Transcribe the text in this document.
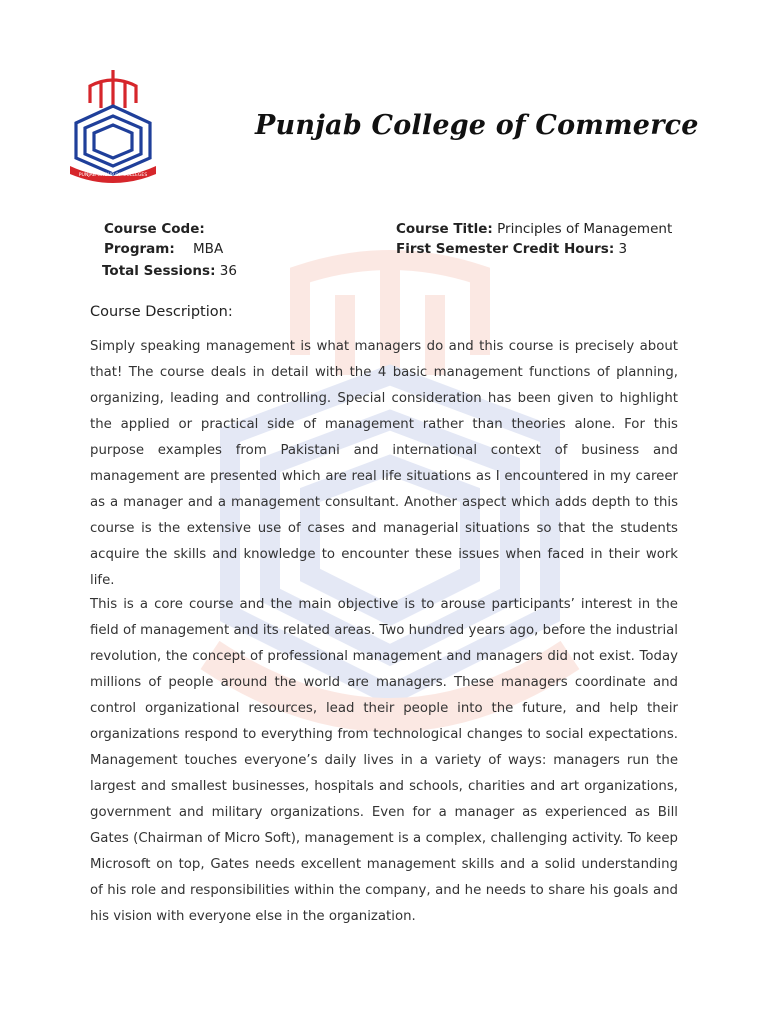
PUNJAB GROUP OF COLLEGES
Punjab College of Commerce
Course Code:	Course Title: Principles of Management
Program: MBA	First Semester Credit Hours: 3
Total Sessions: 36
Course Description:

Simply speaking management is what managers do and this course is precisely about that! The course deals in detail with the 4 basic management functions of planning, organizing, leading and controlling. Special consideration has been given to highlight the applied or practical side of management rather than theories alone. For this purpose examples from Pakistani and international context of business and management are presented which are real life situations as I encountered in my career as a manager and a management consultant. Another aspect which adds depth to this course is the extensive use of cases and managerial situations so that the students acquire the skills and knowledge to encounter these issues when faced in their work life.

This is a core course and the main objective is to arouse participants’ interest in the field of management and its related areas. Two hundred years ago, before the industrial revolution, the concept of professional management and managers did not exist. Today millions of people around the world are managers. These managers coordinate and control organizational resources, lead their people into the future, and help their organizations respond to everything from technological changes to social expectations. Management touches everyone’s daily lives in a variety of ways: managers run the largest and smallest businesses, hospitals and schools, charities and art organizations, government and military organizations. Even for a manager as experienced as Bill Gates (Chairman of Micro Soft), management is a complex, challenging activity. To keep Microsoft on top, Gates needs excellent management skills and a solid understanding of his role and responsibilities within the company, and he needs to share his goals and his vision with everyone else in the organization.
